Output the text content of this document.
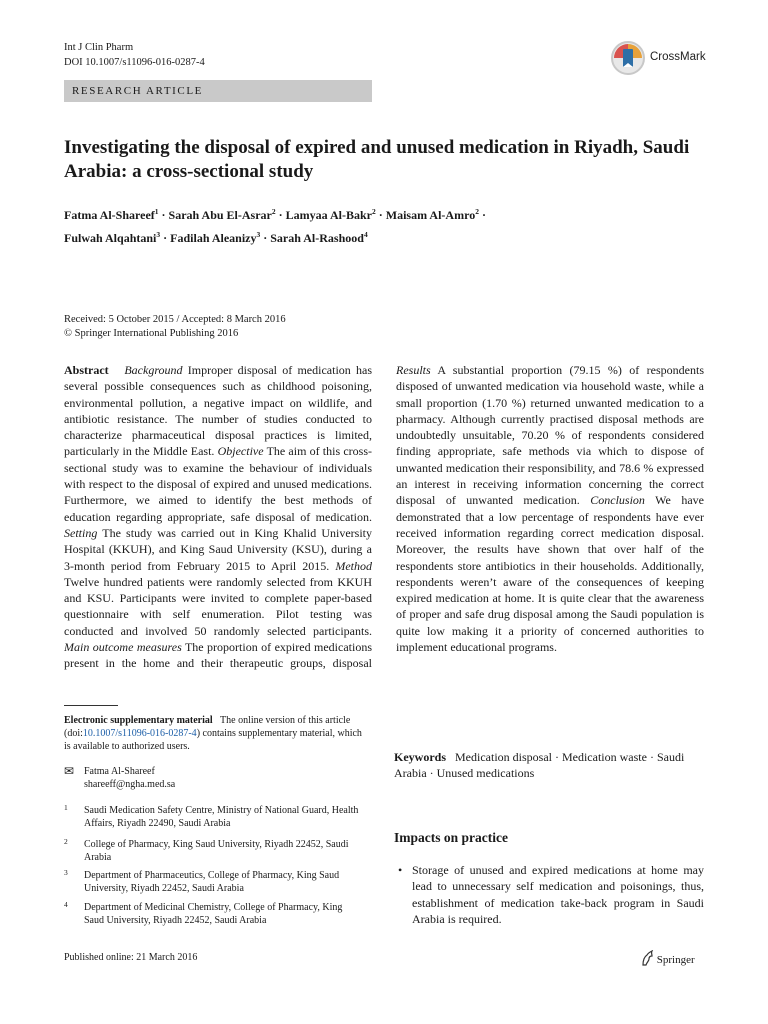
Int J Clin Pharm
DOI 10.1007/s11096-016-0287-4	CrossMark
RESEARCH ARTICLE
Investigating the disposal of expired and unused medication in Riyadh, Saudi Arabia: a cross-sectional study
Fatma Al-Shareef$^1$ · Sarah Abu El-Asrar$^2$ · Lamyaa Al-Bakr$^2$ · Maisam Al-Amro$^2$ ·
Fulwah Alqahtani$^3$ · Fadilah Aleanizy$^3$ · Sarah Al-Rashood$^4$
Received: 5 October 2015 / Accepted: 8 March 2016
© Springer International Publishing 2016
Abstract Background Improper disposal of medication has several possible consequences such as childhood poisoning, environmental pollution, a negative impact on wildlife, and antibiotic resistance. The number of studies conducted to characterize pharmaceutical disposal practices is limited, particularly in the Middle East. Objective The aim of this cross-sectional study was to examine the behaviour of individuals with respect to the disposal of expired and unused medications. Furthermore, we aimed to identify the best methods of education regarding appropriate, safe disposal of medication. Setting The study was carried out in King Khalid University Hospital (KKUH), and King Saud University (KSU), during a 3-month period from February 2015 to April 2015. Method Twelve hundred patients were randomly selected from KKUH and KSU. Participants were invited to complete paper-based questionnaire with self enumeration. Pilot testing was conducted and involved 50 randomly selected participants. Main outcome measures The proportion of expired medications present in the home and their therapeutic groups, disposal
Results A substantial proportion (79.15 %) of respondents disposed of unwanted medication via household waste, while a small proportion (1.70 %) returned unwanted medication to a pharmacy. Although currently practised disposal methods are undoubtedly unsuitable, 70.20 % of respondents considered finding appropriate, safe methods via which to dispose of unwanted medication their responsibility, and 78.6 % expressed an interest in receiving information concerning the correct disposal of unwanted medication. Conclusion We have demonstrated that a low percentage of respondents have ever received information regarding correct medication disposal. Moreover, the results have shown that over half of the respondents store antibiotics in their households. Additionally, respondents weren’t aware of the consequences of keeping expired medication at home. It is quite clear that the awareness of proper and safe drug disposal among the Saudi population is quite low making it a priority of concerned authorities to implement educational programs.
Keywords Medication disposal · Medication waste · Saudi Arabia · Unused medications
Electronic supplementary material The online version of this article (doi:10.1007/s11096-016-0287-4) contains supplementary material, which is available to authorized users.
✉ Fatma Al-Shareef
shareeff@ngha.med.sa
1 Saudi Medication Safety Centre, Ministry of National Guard, Health Affairs, Riyadh 22490, Saudi Arabia
2 College of Pharmacy, King Saud University, Riyadh 22452, Saudi Arabia
3 Department of Pharmaceutics, College of Pharmacy, King Saud University, Riyadh 22452, Saudi Arabia
4 Department of Medicinal Chemistry, College of Pharmacy, King Saud University, Riyadh 22452, Saudi Arabia
Impacts on practice
• Storage of unused and expired medications at home may lead to unnecessary self medication and poisonings, thus, establishment of medication take-back program in Saudi Arabia is required.
Published online: 21 March 2016	Springer
